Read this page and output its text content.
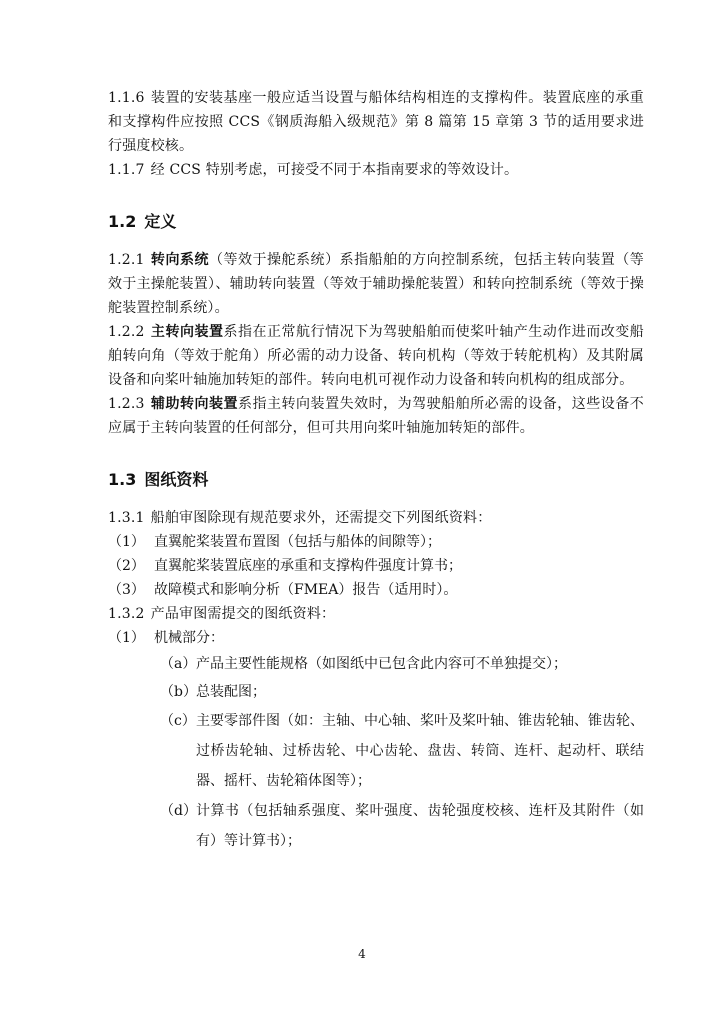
1.1.6 装置的安装基座一般应适当设置与船体结构相连的支撑构件。装置底座的承重和支撑构件应按照 CCS《钢质海船入级规范》第 8 篇第 15 章第 3 节的适用要求进行强度校核。

1.1.7 经 CCS 特别考虑，可接受不同于本指南要求的等效设计。

1.2 定义

1.2.1 转向系统（等效于操舵系统）系指船舶的方向控制系统，包括主转向装置（等效于主操舵装置）、辅助转向装置（等效于辅助操舵装置）和转向控制系统（等效于操舵装置控制系统）。

1.2.2 主转向装置系指在正常航行情况下为驾驶船舶而使桨叶轴产生动作进而改变船舶转向角（等效于舵角）所必需的动力设备、转向机构（等效于转舵机构）及其附属设备和向桨叶轴施加转矩的部件。转向电机可视作动力设备和转向机构的组成部分。

1.2.3 辅助转向装置系指主转向装置失效时，为驾驶船舶所必需的设备，这些设备不应属于主转向装置的任何部分，但可共用向桨叶轴施加转矩的部件。

1.3 图纸资料

1.3.1 船舶审图除现有规范要求外，还需提交下列图纸资料：

（1） 直翼舵桨装置布置图（包括与船体的间隙等）；

（2） 直翼舵桨装置底座的承重和支撑构件强度计算书；

（3） 故障模式和影响分析（FMEA）报告（适用时）。

1.3.2 产品审图需提交的图纸资料：

（1） 机械部分：

（a） 产品主要性能规格（如图纸中已包含此内容可不单独提交）；

（b） 总装配图；

（c） 主要零部件图（如：主轴、中心轴、桨叶及桨叶轴、锥齿轮轴、锥齿轮、过桥齿轮轴、过桥齿轮、中心齿轮、盘齿、转筒、连杆、起动杆、联结器、摇杆、齿轮箱体图等）；

（d） 计算书（包括轴系强度、桨叶强度、齿轮强度校核、连杆及其附件（如有）等计算书）；

4
